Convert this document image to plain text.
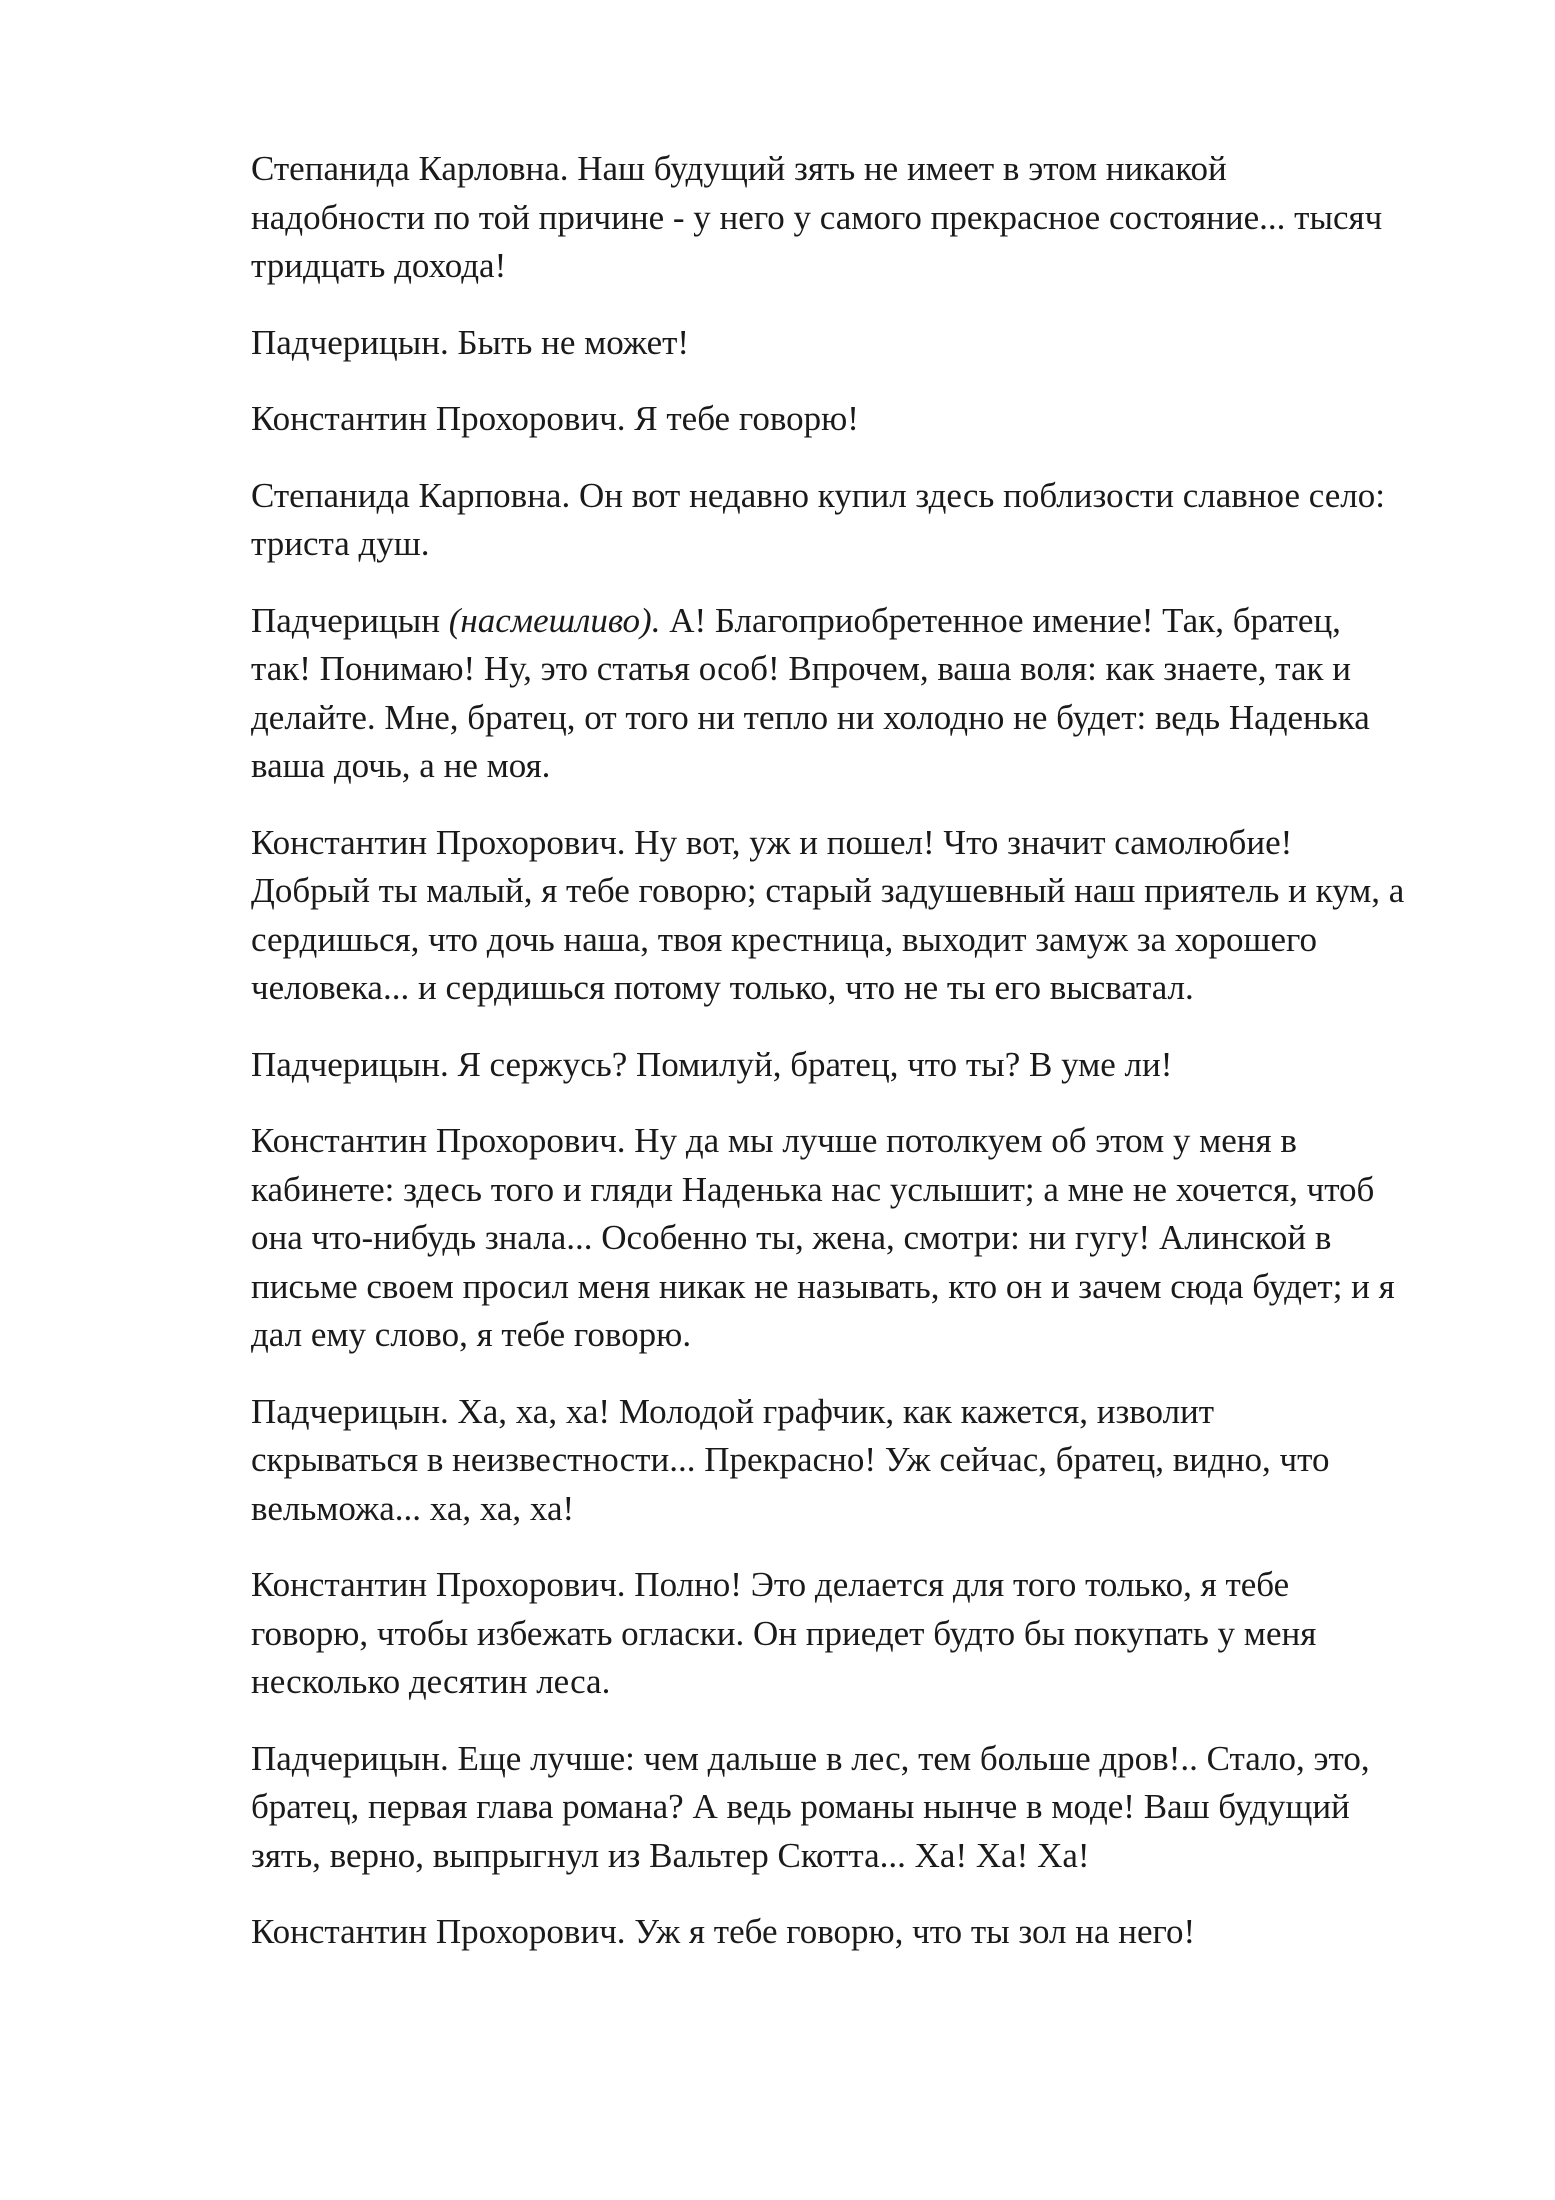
Степанида Карловна. Наш будущий зять не имеет в этом никакой
надобности по той причине - у него у самого прекрасное состояние... тысяч
тридцать дохода!

Падчерицын. Быть не может!

Константин Прохорович. Я тебе говорю!

Степанида Карповна. Он вот недавно купил здесь поблизости славное село:
триста душ.

Падчерицын (насмешливо). А! Благоприобретенное имение! Так, братец,
так! Понимаю! Ну, это статья особ! Впрочем, ваша воля: как знаете, так и
делайте. Мне, братец, от того ни тепло ни холодно не будет: ведь Наденька
ваша дочь, а не моя.

Константин Прохорович. Ну вот, уж и пошел! Что значит самолюбие!
Добрый ты малый, я тебе говорю; старый задушевный наш приятель и кум, а
сердишься, что дочь наша, твоя крестница, выходит замуж за хорошего
человека... и сердишься потому только, что не ты его высватал.

Падчерицын. Я сержусь? Помилуй, братец, что ты? В уме ли!

Константин Прохорович. Ну да мы лучше потолкуем об этом у меня в
кабинете: здесь того и гляди Наденька нас услышит; а мне не хочется, чтоб
она что-нибудь знала... Особенно ты, жена, смотри: ни гугу! Алинской в
письме своем просил меня никак не называть, кто он и зачем сюда будет; и я
дал ему слово, я тебе говорю.

Падчерицын. Ха, ха, ха! Молодой графчик, как кажется, изволит
скрываться в неизвестности... Прекрасно! Уж сейчас, братец, видно, что
вельможа... ха, ха, ха!

Константин Прохорович. Полно! Это делается для того только, я тебе
говорю, чтобы избежать огласки. Он приедет будто бы покупать у меня
несколько десятин леса.

Падчерицын. Еще лучше: чем дальше в лес, тем больше дров!.. Стало, это,
братец, первая глава романа? А ведь романы нынче в моде! Ваш будущий
зять, верно, выпрыгнул из Вальтер Скотта... Ха! Ха! Ха!

Константин Прохорович. Уж я тебе говорю, что ты зол на него!
